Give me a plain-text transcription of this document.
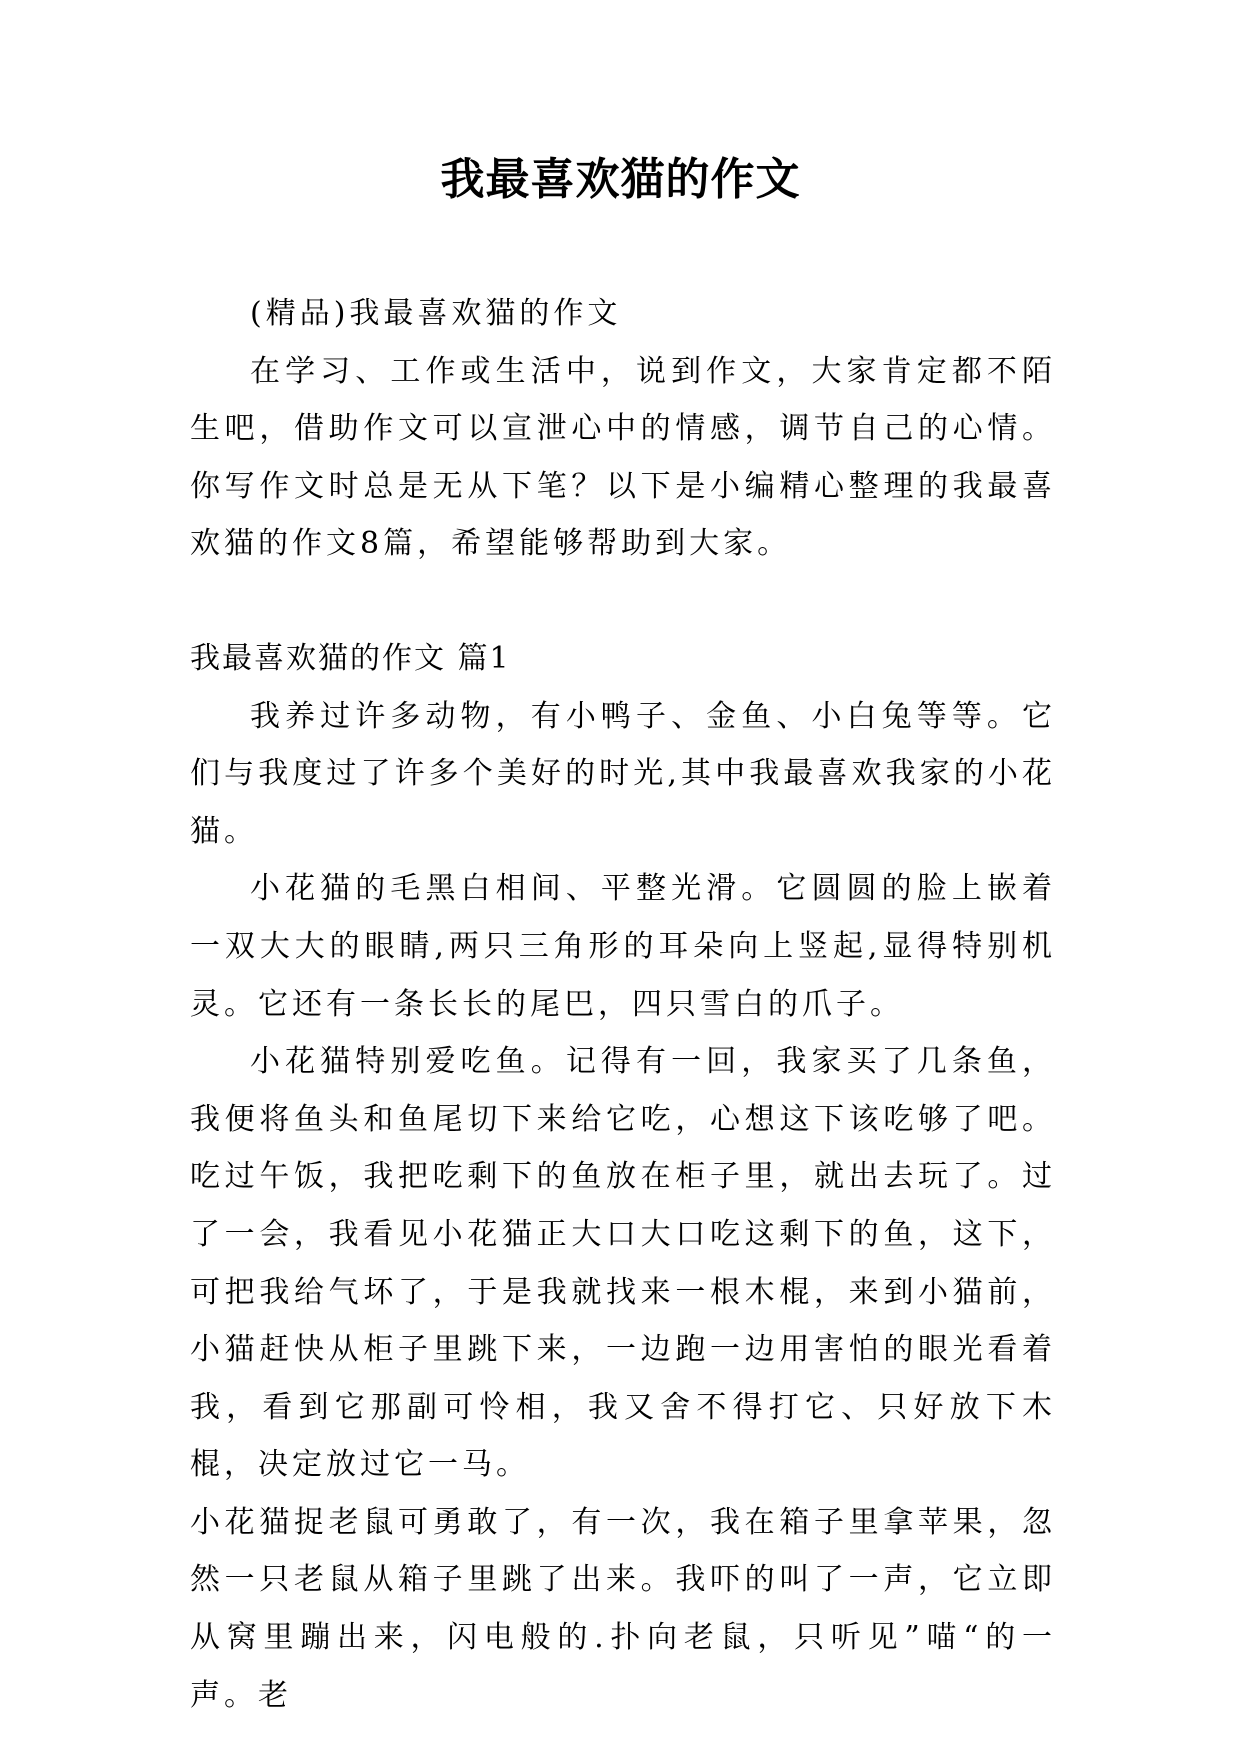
我最喜欢猫的作文

(精品)我最喜欢猫的作文

在学习、工作或生活中，说到作文，大家肯定都不陌生吧，借助作文可以宣泄心中的情感，调节自己的心情。你写作文时总是无从下笔？以下是小编精心整理的我最喜欢猫的作文8篇，希望能够帮助到大家。

我最喜欢猫的作文 篇1

我养过许多动物，有小鸭子、金鱼、小白兔等等。它们与我度过了许多个美好的时光,其中我最喜欢我家的小花猫。

小花猫的毛黑白相间、平整光滑。它圆圆的脸上嵌着一双大大的眼睛,两只三角形的耳朵向上竖起,显得特别机灵。它还有一条长长的尾巴，四只雪白的爪子。

小花猫特别爱吃鱼。记得有一回，我家买了几条鱼，我便将鱼头和鱼尾切下来给它吃，心想这下该吃够了吧。吃过午饭，我把吃剩下的鱼放在柜子里，就出去玩了。过了一会，我看见小花猫正大口大口吃这剩下的鱼，这下，可把我给气坏了，于是我就找来一根木棍，来到小猫前，小猫赶快从柜子里跳下来，一边跑一边用害怕的眼光看着我，看到它那副可怜相，我又舍不得打它、只好放下木棍，决定放过它一马。

小花猫捉老鼠可勇敢了，有一次，我在箱子里拿苹果，忽然一只老鼠从箱子里跳了出来。我吓的叫了一声，它立即从窝里蹦出来，闪电般的.扑向老鼠，只听见”喵“的一声。老
